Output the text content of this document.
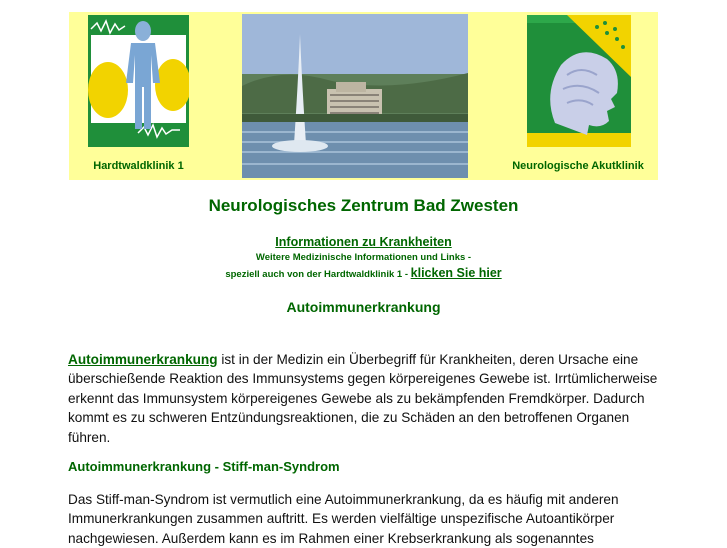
Hardtwaldklinik 1	Neurologische Akutklinik
Neurologisches Zentrum Bad Zwesten
Informationen zu Krankheiten
Weitere Medizinische Informationen und Links -
speziell auch von der Hardtwaldklinik 1 - klicken Sie hier
Autoimmunerkrankung

Autoimmunerkrankung ist in der Medizin ein Überbegriff für Krankheiten, deren Ursache eine überschießende Reaktion des Immunsystems gegen körpereigenes Gewebe ist. Irrtümlicherweise erkennt das Immunsystem körpereigenes Gewebe als zu bekämpfenden Fremdkörper. Dadurch kommt es zu schweren Entzündungsreaktionen, die zu Schäden an den betroffenen Organen führen.

Autoimmunerkrankung - Stiff-man-Syndrom

Das Stiff-man-Syndrom ist vermutlich eine Autoimmunerkrankung, da es häufig mit anderen Immunerkrankungen zusammen auftritt. Es werden vielfältige unspezifische Autoantikörper nachgewiesen. Außerdem kann es im Rahmen einer Krebserkrankung als sogenanntes
